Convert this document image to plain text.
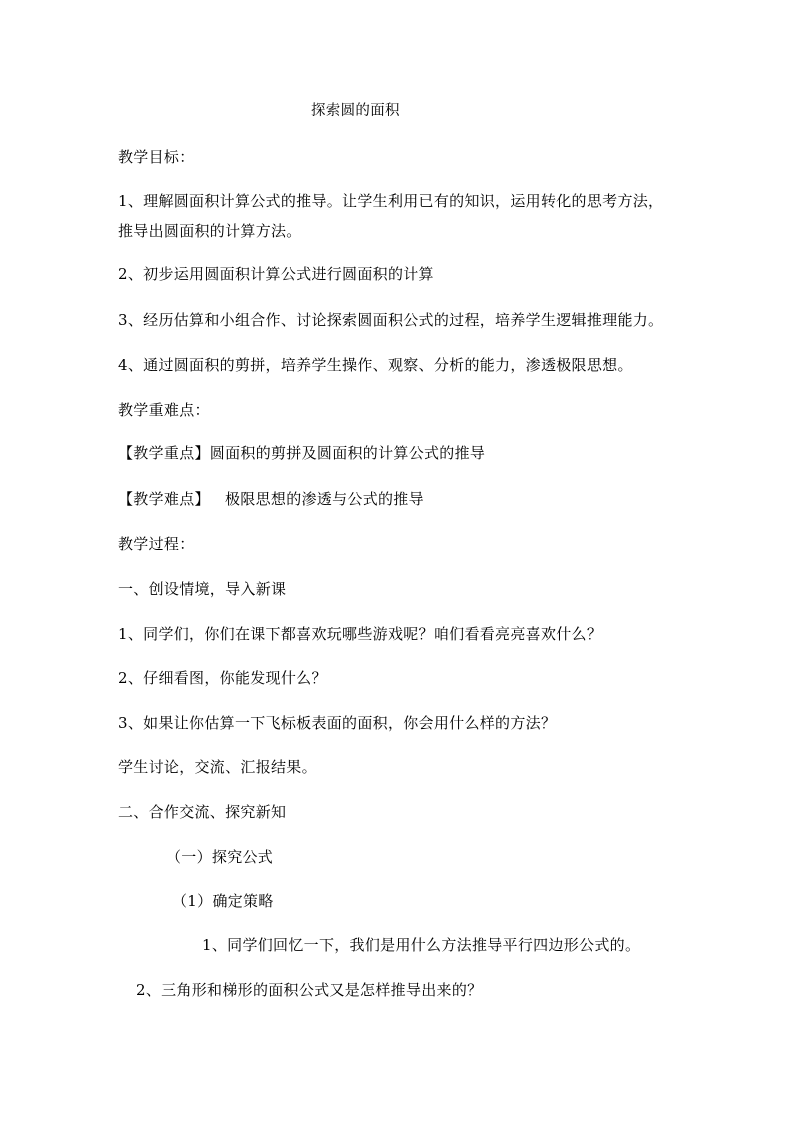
探索圆的面积
教学目标：
1、理解圆面积计算公式的推导。让学生利用已有的知识，运用转化的思考方法，推导出圆面积的计算方法。
2、初步运用圆面积计算公式进行圆面积的计算
3、经历估算和小组合作、讨论探索圆面积公式的过程，培养学生逻辑推理能力。
4、通过圆面积的剪拼，培养学生操作、观察、分析的能力，渗透极限思想。
教学重难点：
【教学重点】圆面积的剪拼及圆面积的计算公式的推导
【教学难点】   极限思想的渗透与公式的推导
教学过程：
一、创设情境，导入新课
1、同学们，你们在课下都喜欢玩哪些游戏呢？咱们看看亮亮喜欢什么？
2、仔细看图，你能发现什么？
3、如果让你估算一下飞标板表面的面积，你会用什么样的方法？
学生讨论，交流、汇报结果。
二、合作交流、探究新知
（一）探究公式
（1）确定策略
1、同学们回忆一下，我们是用什么方法推导平行四边形公式的。
2、三角形和梯形的面积公式又是怎样推导出来的？
